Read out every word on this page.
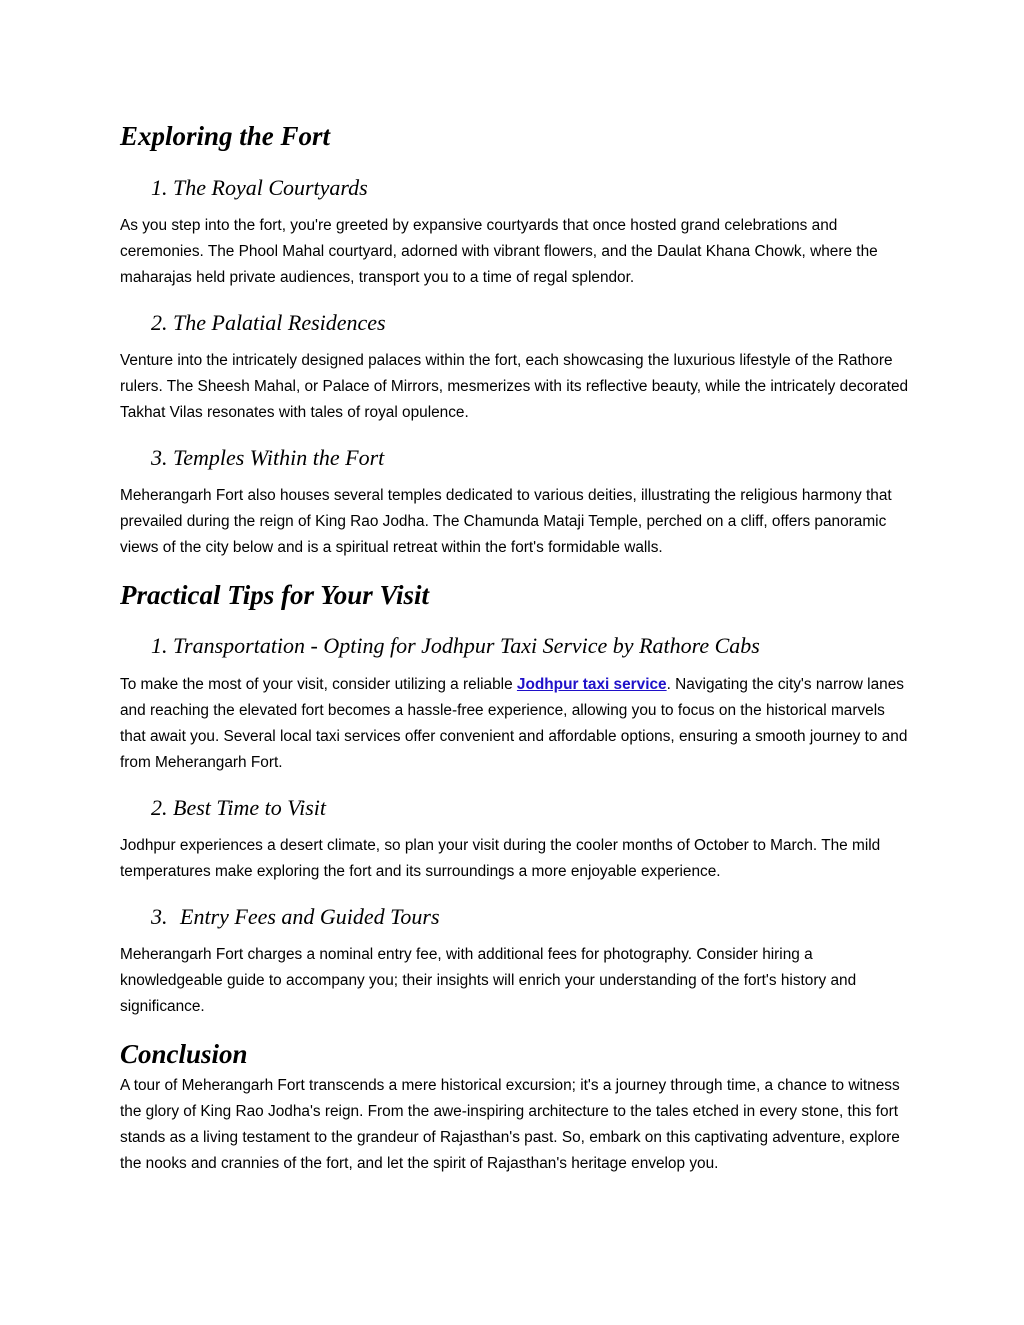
Exploring the Fort
1. The Royal Courtyards

As you step into the fort, you're greeted by expansive courtyards that once hosted grand celebrations and ceremonies. The Phool Mahal courtyard, adorned with vibrant flowers, and the Daulat Khana Chowk, where the maharajas held private audiences, transport you to a time of regal splendor.

2. The Palatial Residences

Venture into the intricately designed palaces within the fort, each showcasing the luxurious lifestyle of the Rathore rulers. The Sheesh Mahal, or Palace of Mirrors, mesmerizes with its reflective beauty, while the intricately decorated Takhat Vilas resonates with tales of royal opulence.

3. Temples Within the Fort

Meherangarh Fort also houses several temples dedicated to various deities, illustrating the religious harmony that prevailed during the reign of King Rao Jodha. The Chamunda Mataji Temple, perched on a cliff, offers panoramic views of the city below and is a spiritual retreat within the fort's formidable walls.

Practical Tips for Your Visit
1. Transportation - Opting for Jodhpur Taxi Service by Rathore Cabs

To make the most of your visit, consider utilizing a reliable Jodhpur taxi service. Navigating the city's narrow lanes and reaching the elevated fort becomes a hassle-free experience, allowing you to focus on the historical marvels that await you. Several local taxi services offer convenient and affordable options, ensuring a smooth journey to and from Meherangarh Fort.

2. Best Time to Visit

Jodhpur experiences a desert climate, so plan your visit during the cooler months of October to March. The mild temperatures make exploring the fort and its surroundings a more enjoyable experience.

3. Entry Fees and Guided Tours

Meherangarh Fort charges a nominal entry fee, with additional fees for photography. Consider hiring a knowledgeable guide to accompany you; their insights will enrich your understanding of the fort's history and significance.

Conclusion

A tour of Meherangarh Fort transcends a mere historical excursion; it's a journey through time, a chance to witness the glory of King Rao Jodha's reign. From the awe-inspiring architecture to the tales etched in every stone, this fort stands as a living testament to the grandeur of Rajasthan's past. So, embark on this captivating adventure, explore the nooks and crannies of the fort, and let the spirit of Rajasthan's heritage envelop you.
